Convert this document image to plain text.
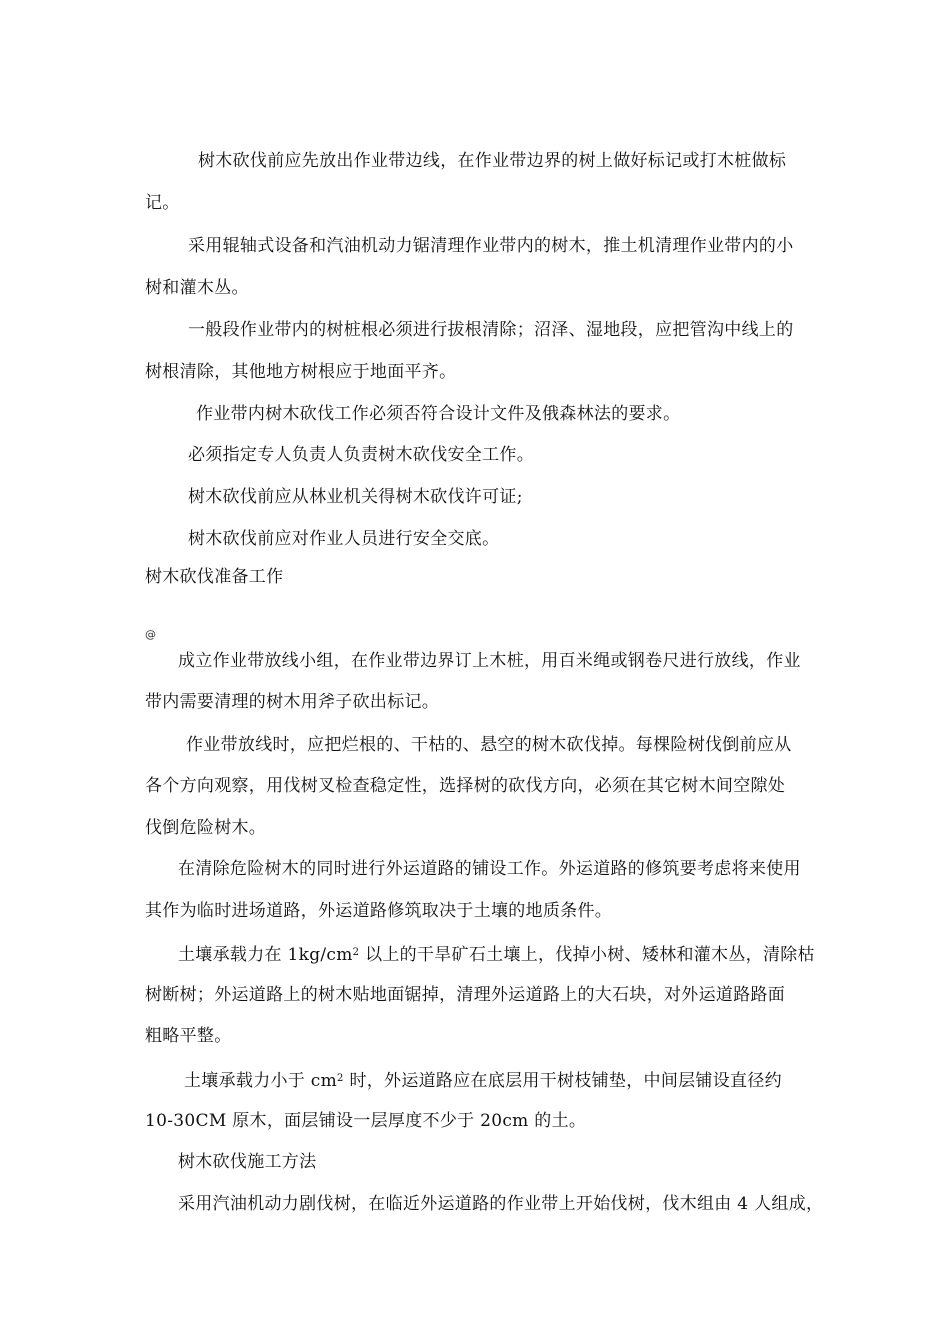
树木砍伐前应先放出作业带边线，在作业带边界的树上做好标记或打木桩做标
记。
采用辊轴式设备和汽油机动力锯清理作业带内的树木，推土机清理作业带内的小
树和灌木丛。
一般段作业带内的树桩根必须进行拔根清除；沼泽、湿地段，应把管沟中线上的
树根清除，其他地方树根应于地面平齐。
作业带内树木砍伐工作必须否符合设计文件及俄森林法的要求。
必须指定专人负责人负责树木砍伐安全工作。
树木砍伐前应从林业机关得树木砍伐许可证;
树木砍伐前应对作业人员进行安全交底。
树木砍伐准备工作
@
成立作业带放线小组，在作业带边界订上木桩，用百米绳或钢卷尺进行放线，作业
带内需要清理的树木用斧子砍出标记。
作业带放线时，应把烂根的、干枯的、悬空的树木砍伐掉。每棵险树伐倒前应从
各个方向观察，用伐树叉检查稳定性，选择树的砍伐方向，必须在其它树木间空隙处
伐倒危险树木。
在清除危险树木的同时进行外运道路的铺设工作。外运道路的修筑要考虑将来使用
其作为临时进场道路，外运道路修筑取决于土壤的地质条件。
土壤承载力在 $1kg/cm^2$ 以上的干旱矿石土壤上，伐掉小树、矮林和灌木丛，清除枯
树断树；外运道路上的树木贴地面锯掉，清理外运道路上的大石块，对外运道路路面
粗略平整。
土壤承载力小于 $cm^2$ 时，外运道路应在底层用干树枝铺垫，中间层铺设直径约
10-30CM 原木，面层铺设一层厚度不少于 20cm 的土。
树木砍伐施工方法
采用汽油机动力剧伐树，在临近外运道路的作业带上开始伐树，伐木组由 4 人组成，
